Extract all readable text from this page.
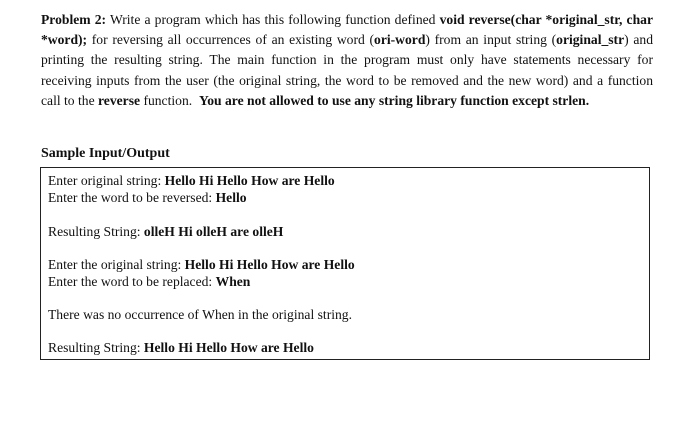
Problem 2: Write a program which has this following function defined void reverse(char *original_str, char *word); for reversing all occurrences of an existing word (ori-word) from an input string (original_str) and printing the resulting string. The main function in the program must only have statements necessary for receiving inputs from the user (the original string, the word to be removed and the new word) and a function call to the reverse function. You are not allowed to use any string library function except strlen.

Sample Input/Output
Enter original string: Hello Hi Hello How are Hello
Enter the word to be reversed: Hello
Resulting String: olleH Hi olleH are olleH
Enter the original string: Hello Hi Hello How are Hello
Enter the word to be replaced: When
There was no occurrence of When in the original string.
Resulting String: Hello Hi Hello How are Hello
